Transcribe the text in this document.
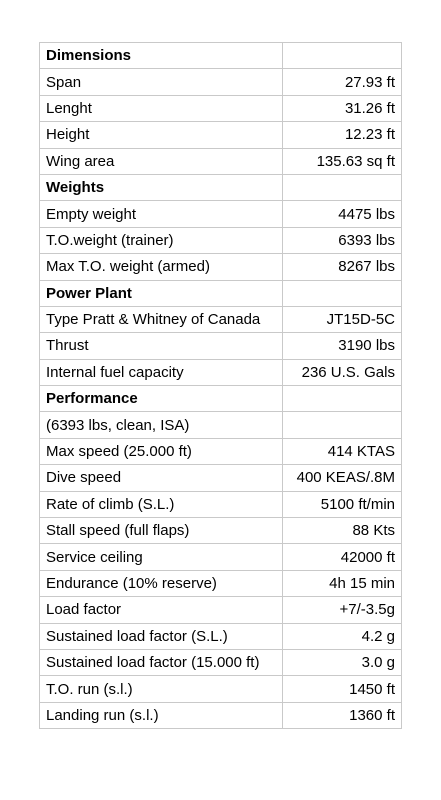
Dimensions	
Span	27.93 ft
Lenght	31.26 ft
Height	12.23 ft
Wing area	135.63 sq ft
Weights	
Empty weight	4475 lbs
T.O.weight (trainer)	6393 lbs
Max T.O. weight (armed)	8267 lbs
Power Plant	
Type Pratt & Whitney of Canada	JT15D-5C
Thrust	3190 lbs
Internal fuel capacity	236 U.S. Gals
Performance	
(6393 lbs, clean, ISA)	
Max speed (25.000 ft)	414 KTAS
Dive speed	400 KEAS/.8M
Rate of climb (S.L.)	5100 ft/min
Stall speed (full flaps)	88 Kts
Service ceiling	42000 ft
Endurance (10% reserve)	4h 15 min
Load factor	+7/-3.5g
Sustained load factor (S.L.)	4.2 g
Sustained load factor (15.000 ft)	3.0 g
T.O. run (s.l.)	1450 ft
Landing run (s.l.)	1360 ft
